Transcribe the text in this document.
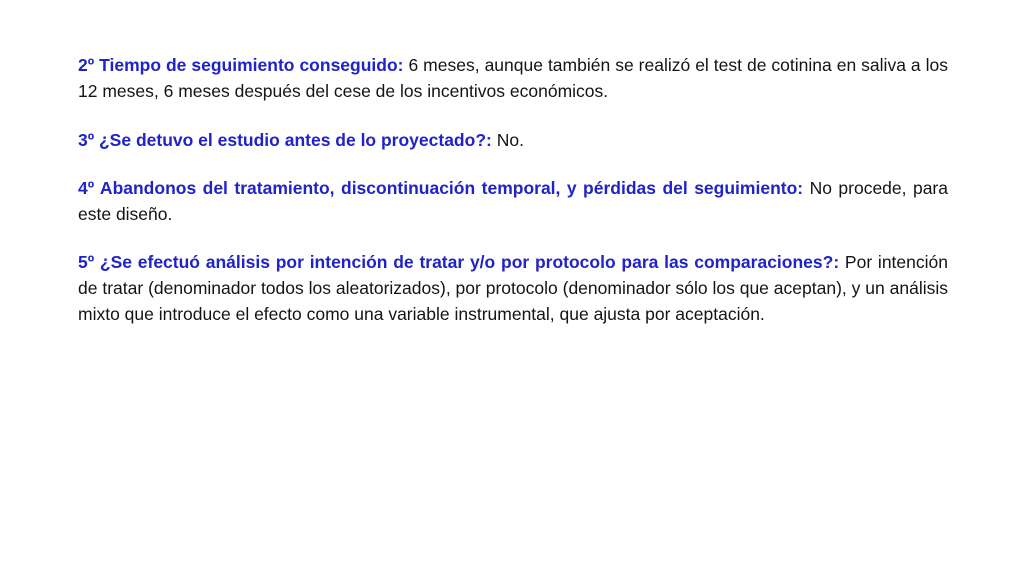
2º Tiempo de seguimiento conseguido: 6 meses, aunque también se realizó el test de cotinina en saliva a los 12 meses, 6 meses después del cese de los incentivos económicos.

3º ¿Se detuvo el estudio antes de lo proyectado?: No.

4º Abandonos del tratamiento, discontinuación temporal, y pérdidas del seguimiento: No procede, para este diseño.

5º ¿Se efectuó análisis por intención de tratar y/o por protocolo para las comparaciones?: Por intención de tratar (denominador todos los aleatorizados), por protocolo (denominador sólo los que aceptan), y un análisis mixto que introduce el efecto como una variable instrumental, que ajusta por aceptación.
